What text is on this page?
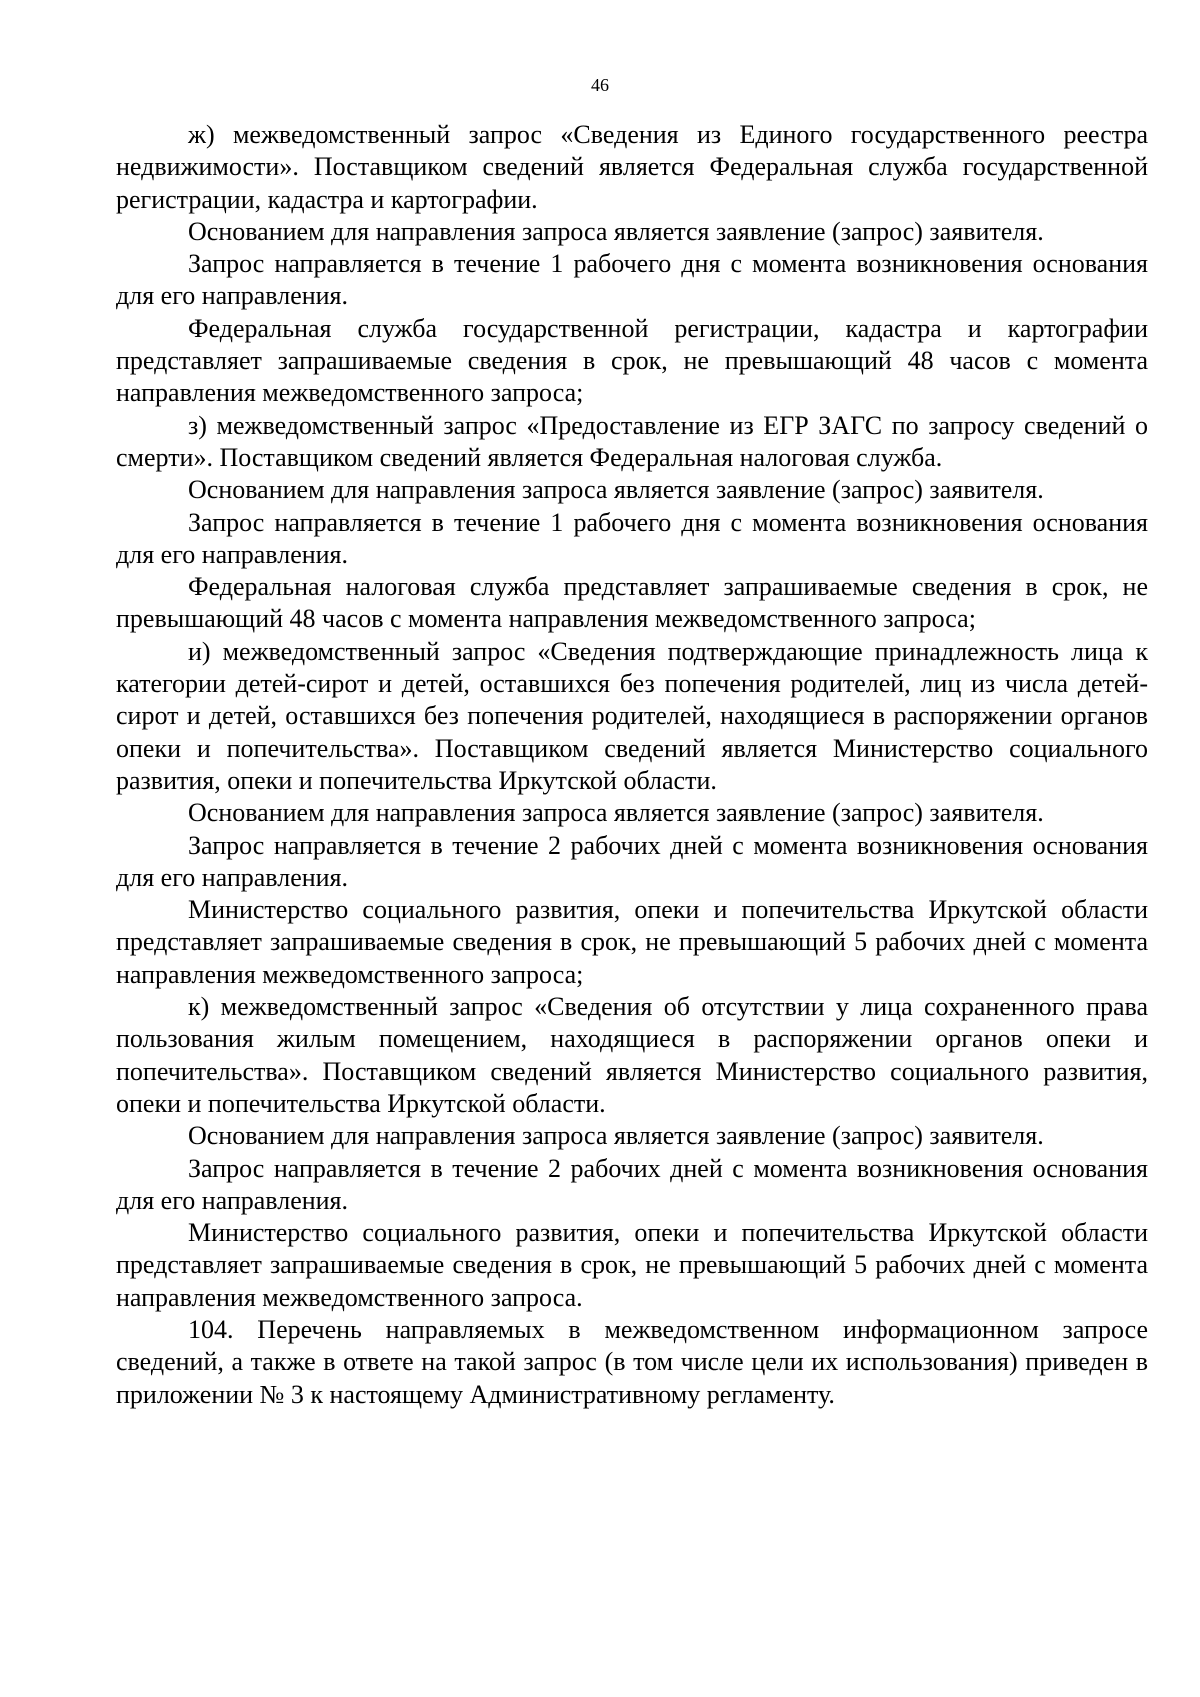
46

ж) межведомственный запрос «Сведения из Единого государственного реестра недвижимости». Поставщиком сведений является Федеральная служба государственной регистрации, кадастра и картографии.

Основанием для направления запроса является заявление (запрос) заявителя.

Запрос направляется в течение 1 рабочего дня с момента возникновения основания для его направления.

Федеральная служба государственной регистрации, кадастра и картографии представляет запрашиваемые сведения в срок, не превышающий 48 часов с момента направления межведомственного запроса;

з) межведомственный запрос «Предоставление из ЕГР ЗАГС по запросу сведений о смерти». Поставщиком сведений является Федеральная налоговая служба.

Основанием для направления запроса является заявление (запрос) заявителя.

Запрос направляется в течение 1 рабочего дня с момента возникновения основания для его направления.

Федеральная налоговая служба представляет запрашиваемые сведения в срок, не превышающий 48 часов с момента направления межведомственного запроса;

и) межведомственный запрос «Сведения подтверждающие принадлежность лица к категории детей-сирот и детей, оставшихся без попечения родителей, лиц из числа детей-сирот и детей, оставшихся без попечения родителей, находящиеся в распоряжении органов опеки и попечительства». Поставщиком сведений является Министерство социального развития, опеки и попечительства Иркутской области.

Основанием для направления запроса является заявление (запрос) заявителя.

Запрос направляется в течение 2 рабочих дней с момента возникновения основания для его направления.

Министерство социального развития, опеки и попечительства Иркутской области представляет запрашиваемые сведения в срок, не превышающий 5 рабочих дней с момента направления межведомственного запроса;

к) межведомственный запрос «Сведения об отсутствии у лица сохраненного права пользования жилым помещением, находящиеся в распоряжении органов опеки и попечительства». Поставщиком сведений является Министерство социального развития, опеки и попечительства Иркутской области.

Основанием для направления запроса является заявление (запрос) заявителя.

Запрос направляется в течение 2 рабочих дней с момента возникновения основания для его направления.

Министерство социального развития, опеки и попечительства Иркутской области представляет запрашиваемые сведения в срок, не превышающий 5 рабочих дней с момента направления межведомственного запроса.

104. Перечень направляемых в межведомственном информационном запросе сведений, а также в ответе на такой запрос (в том числе цели их использования) приведен в приложении № 3 к настоящему Административному регламенту.
